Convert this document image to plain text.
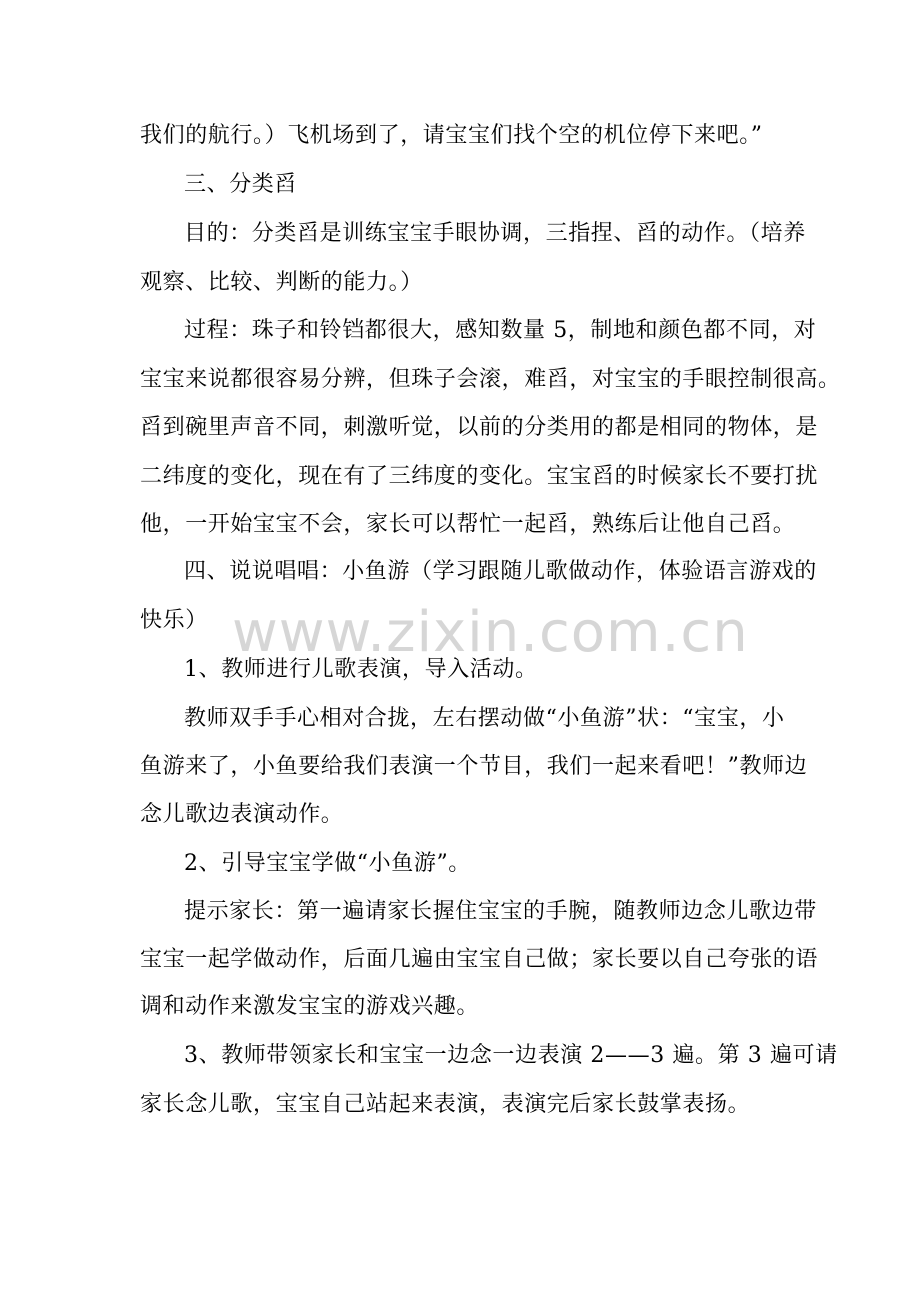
我们的航行。）飞机场到了，请宝宝们找个空的机位停下来吧。”
三、分类舀
目的：分类舀是训练宝宝手眼协调，三指捏、舀的动作。（培养
观察、比较、判断的能力。）
过程：珠子和铃铛都很大，感知数量 5，制地和颜色都不同，对
宝宝来说都很容易分辨，但珠子会滚，难舀，对宝宝的手眼控制很高。
舀到碗里声音不同，刺激听觉，以前的分类用的都是相同的物体，是
二纬度的变化，现在有了三纬度的变化。宝宝舀的时候家长不要打扰
他，一开始宝宝不会，家长可以帮忙一起舀，熟练后让他自己舀。
四、说说唱唱：小鱼游（学习跟随儿歌做动作，体验语言游戏的
快乐）
1、教师进行儿歌表演，导入活动。
教师双手手心相对合拢，左右摆动做“小鱼游”状：“宝宝，小
鱼游来了，小鱼要给我们表演一个节目，我们一起来看吧！”教师边
念儿歌边表演动作。
2、引导宝宝学做“小鱼游”。
提示家长：第一遍请家长握住宝宝的手腕，随教师边念儿歌边带
宝宝一起学做动作，后面几遍由宝宝自己做；家长要以自己夸张的语
调和动作来激发宝宝的游戏兴趣。
3、教师带领家长和宝宝一边念一边表演 2——3 遍。第 3 遍可请
家长念儿歌，宝宝自己站起来表演，表演完后家长鼓掌表扬。
www.zixin.com.cn
